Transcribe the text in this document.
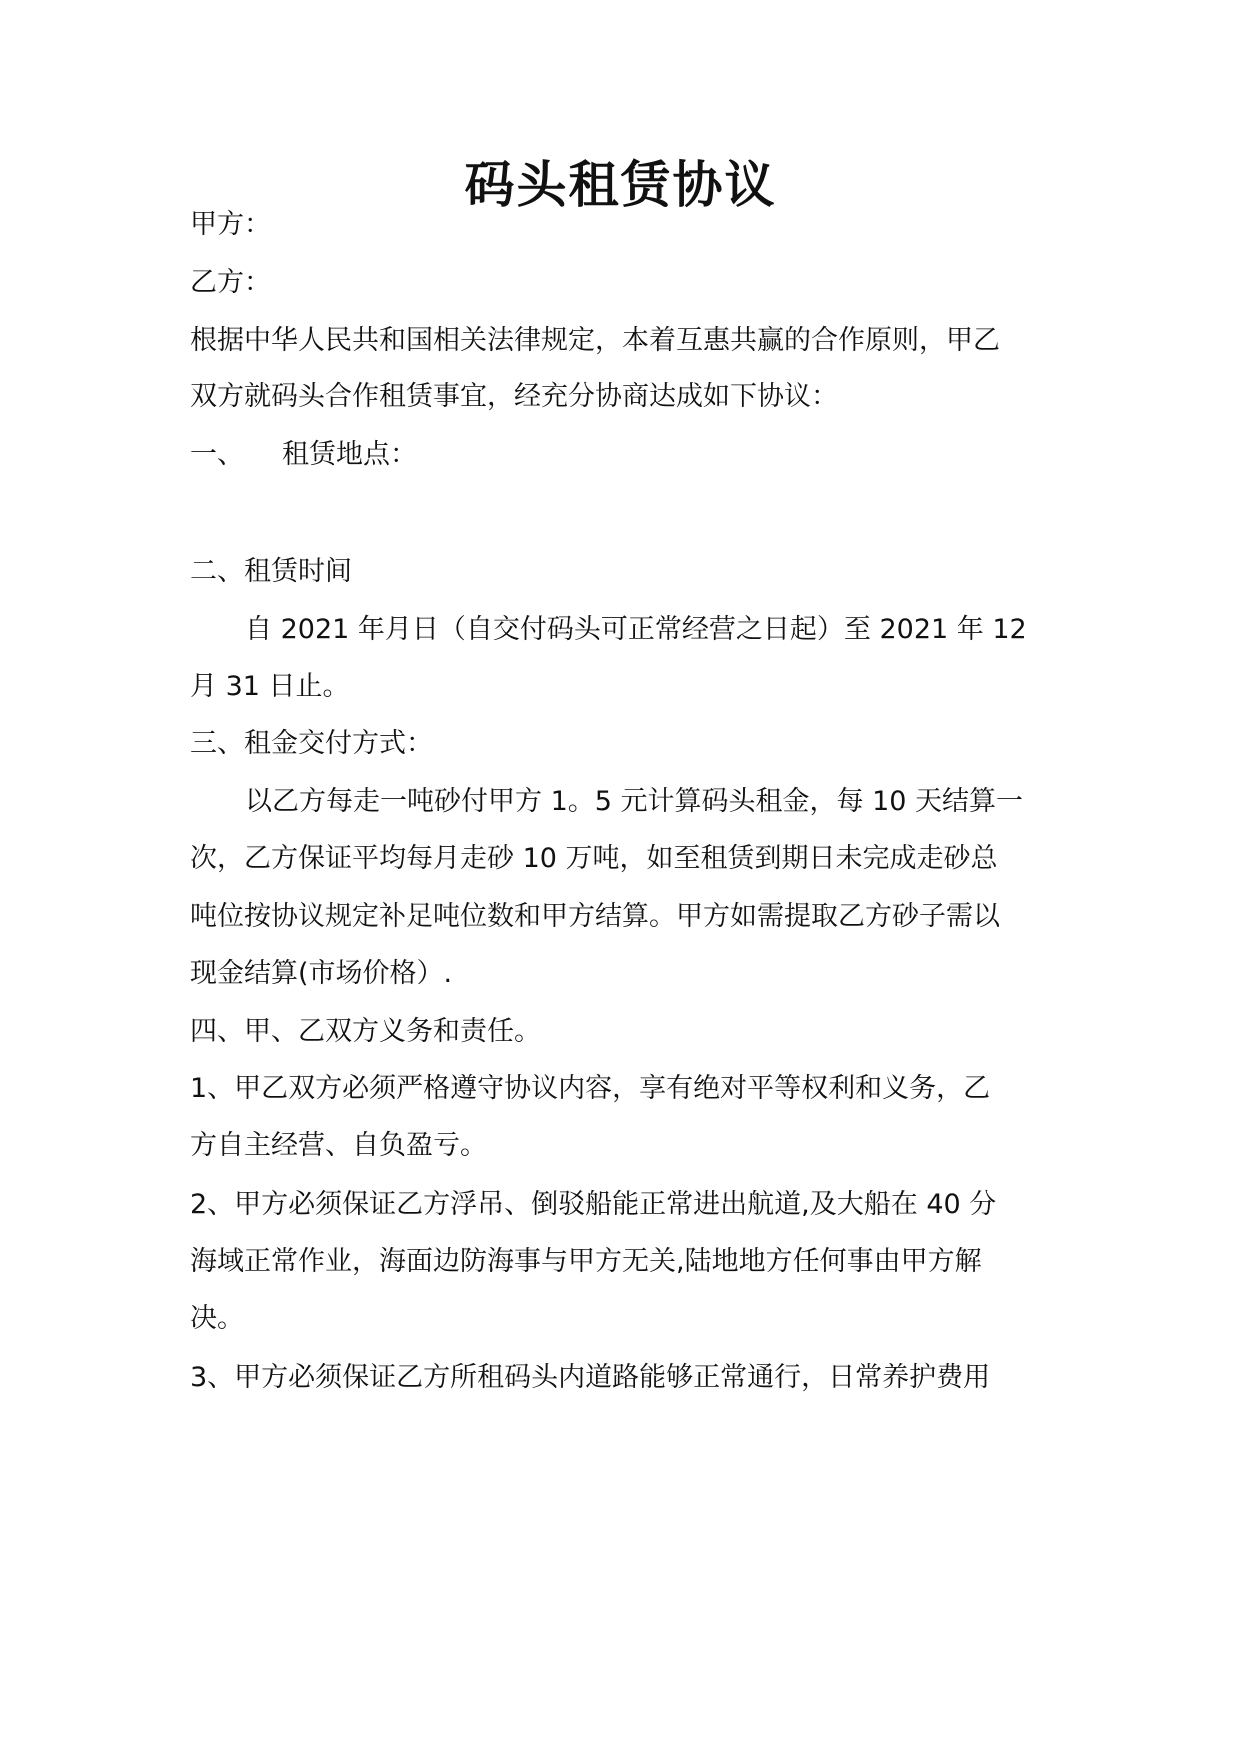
码头租赁协议
甲方：
乙方：
根据中华人民共和国相关法律规定，本着互惠共赢的合作原则，甲乙
双方就码头合作租赁事宜，经充分协商达成如下协议：
一、 租赁地点：
二、租赁时间
自 2021 年月日（自交付码头可正常经营之日起）至 2021 年 12
月 31 日止。
三、租金交付方式：
以乙方每走一吨砂付甲方 1。5 元计算码头租金，每 10 天结算一
次，乙方保证平均每月走砂 10 万吨，如至租赁到期日未完成走砂总
吨位按协议规定补足吨位数和甲方结算。甲方如需提取乙方砂子需以
现金结算(市场价格）.
四、甲、乙双方义务和责任。
1、甲乙双方必须严格遵守协议内容，享有绝对平等权利和义务，乙
方自主经营、自负盈亏。
2、甲方必须保证乙方浮吊、倒驳船能正常进出航道,及大船在 40 分
海域正常作业，海面边防海事与甲方无关,陆地地方任何事由甲方解
决。
3、甲方必须保证乙方所租码头内道路能够正常通行，日常养护费用
